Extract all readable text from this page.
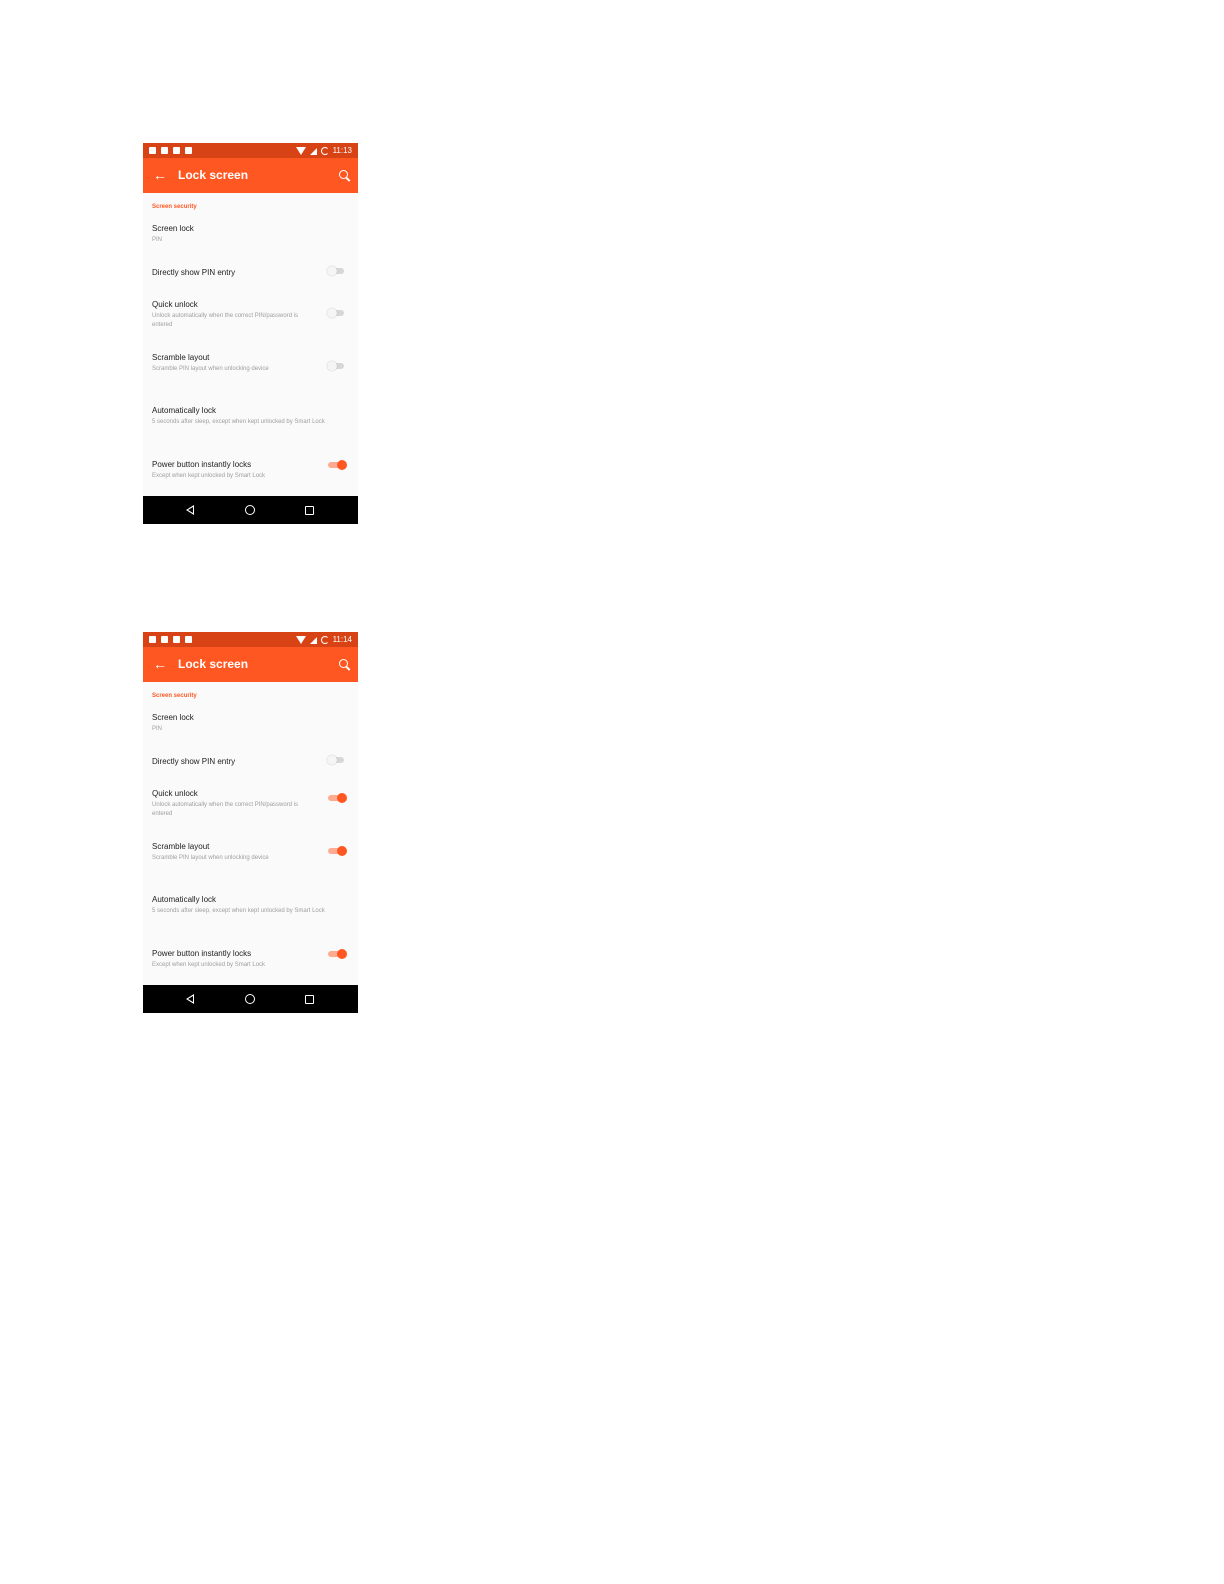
11:13
← Lock screen
Screen security
Screen lock
PIN
Directly show PIN entry
Quick unlock
Unlock automatically when the correct PIN/password is entered
Scramble layout
Scramble PIN layout when unlocking device
Automatically lock
5 seconds after sleep, except when kept unlocked by Smart Lock
Power button instantly locks
Except when kept unlocked by Smart Lock
11:14
← Lock screen
Screen security
Screen lock
PIN
Directly show PIN entry
Quick unlock
Unlock automatically when the correct PIN/password is entered
Scramble layout
Scramble PIN layout when unlocking device
Automatically lock
5 seconds after sleep, except when kept unlocked by Smart Lock
Power button instantly locks
Except when kept unlocked by Smart Lock
